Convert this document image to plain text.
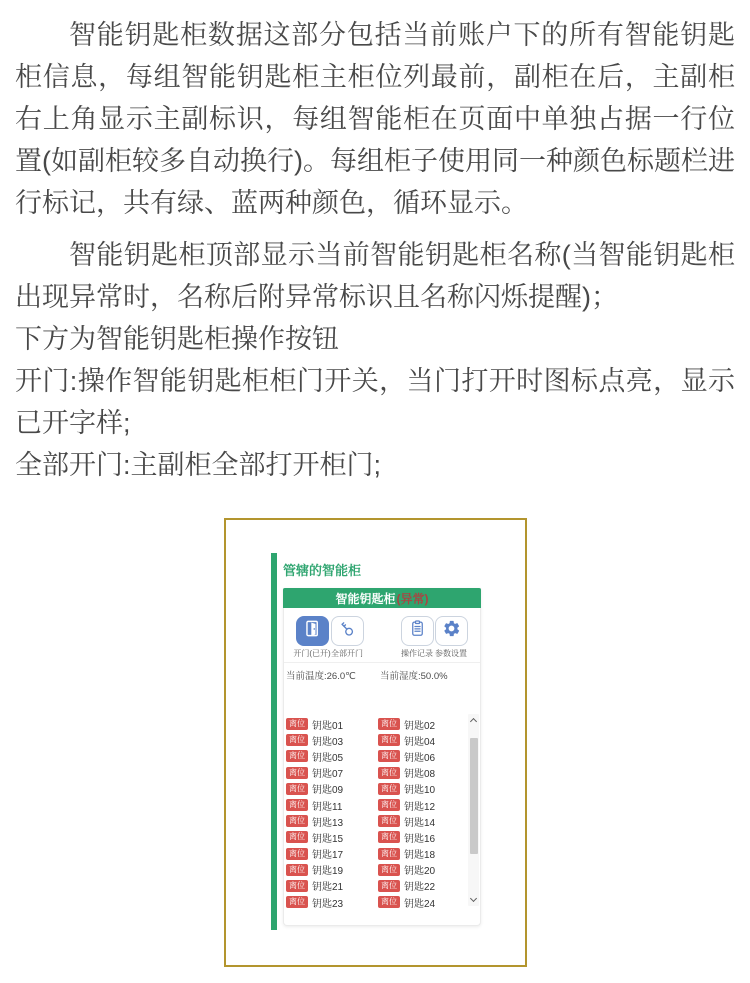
智能钥匙柜数据这部分包括当前账户下的所有智能钥匙柜信息，每组智能钥匙柜主柜位列最前，副柜在后，主副柜右上角显示主副标识，每组智能柜在页面中单独占据一行位置(如副柜较多自动换行)。每组柜子使用同一种颜色标题栏进行标记，共有绿、蓝两种颜色，循环显示。

智能钥匙柜顶部显示当前智能钥匙柜名称(当智能钥匙柜出现异常时，名称后附异常标识且名称闪烁提醒)；

下方为智能钥匙柜操作按钮

开门:操作智能钥匙柜柜门开关，当门打开时图标点亮，显示已开字样;

全部开门:主副柜全部打开柜门;

管辖的智能柜
智能钥匙柜 (异常)
开门(已开) 全部开门	操作记录 参数设置
当前温度:26.0℃	当前湿度:50.0%
离位 钥匙01	离位 钥匙02
离位 钥匙03	离位 钥匙04
离位 钥匙05	离位 钥匙06
离位 钥匙07	离位 钥匙08
离位 钥匙09	离位 钥匙10
离位 钥匙11	离位 钥匙12
离位 钥匙13	离位 钥匙14
离位 钥匙15	离位 钥匙16
离位 钥匙17	离位 钥匙18
离位 钥匙19	离位 钥匙20
离位 钥匙21	离位 钥匙22
离位 钥匙23	离位 钥匙24
